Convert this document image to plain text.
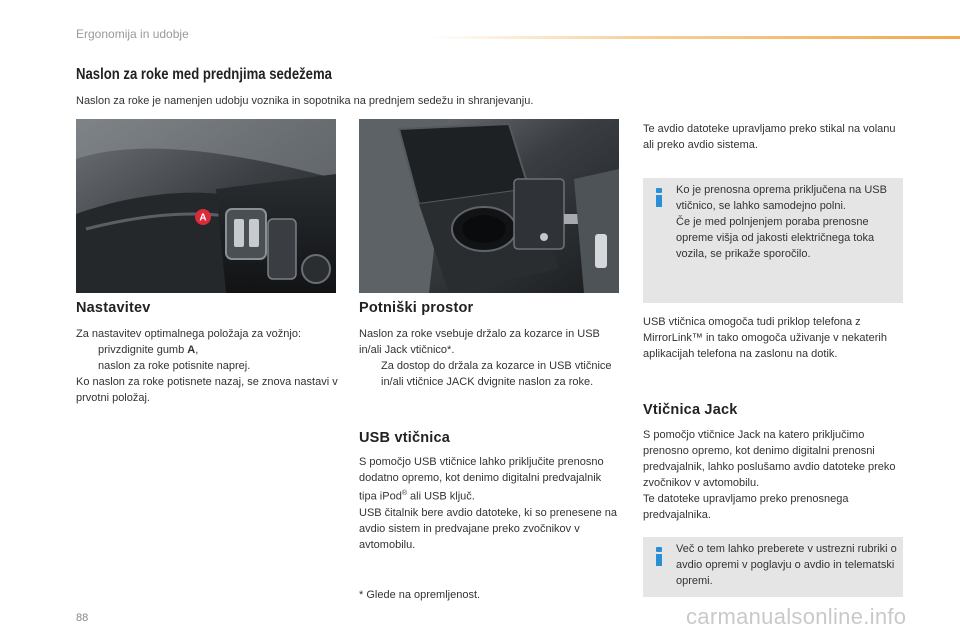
Ergonomija in udobje
Naslon za roke med prednjima sedežema
Naslon za roke je namenjen udobju voznika in sopotnika na prednjem sedežu in shranjevanju.
A
Nastavitev

Za nastavitev optimalnega položaja za vožnjo:

privzdignite gumb A,
naslon za roke potisnite naprej.

Ko naslon za roke potisnete nazaj, se znova nastavi v prvotni položaj.

Potniški prostor

Naslon za roke vsebuje držalo za kozarce in USB in/ali Jack vtičnico*.

Za dostop do držala za kozarce in USB vtičnice in/ali vtičnice JACK dvignite naslon za roke.
USB vtičnica

S pomočjo USB vtičnice lahko priključite prenosno dodatno opremo, kot denimo digitalni predvajalnik tipa iPod® ali USB ključ.

USB čitalnik bere avdio datoteke, ki so prenesene na avdio sistem in predvajane preko zvočnikov v avtomobilu.

* Glede na opremljenost.
Te avdio datoteke upravljamo preko stikal na volanu ali preko avdio sistema.

Ko je prenosna oprema priključena na USB vtičnico, se lahko samodejno polni.

Če je med polnjenjem poraba prenosne opreme višja od jakosti električnega toka vozila, se prikaže sporočilo.

USB vtičnica omogoča tudi priklop telefona z MirrorLink™ in tako omogoča uživanje v nekaterih aplikacijah telefona na zaslonu na dotik.
Vtičnica Jack

S pomočjo vtičnice Jack na katero priključimo prenosno opremo, kot denimo digitalni prenosni predvajalnik, lahko poslušamo avdio datoteke preko zvočnikov v avtomobilu.

Te datoteke upravljamo preko prenosnega predvajalnika.

Več o tem lahko preberete v ustrezni rubriki o avdio opremi v poglavju o avdio in telematski opremi.
88	carmanualsonline.info
